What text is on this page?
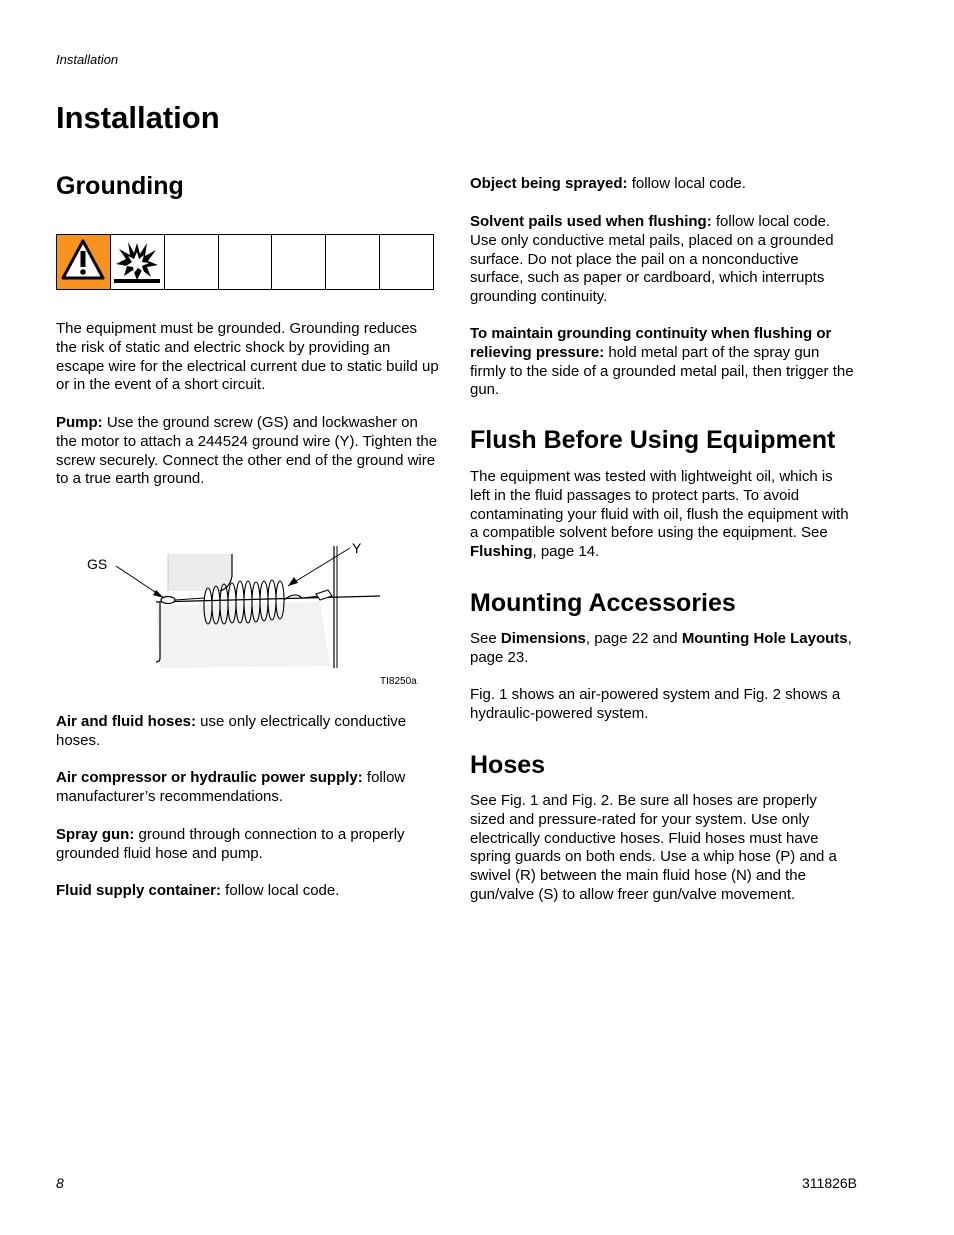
Installation
Installation
Grounding

The equipment must be grounded. Grounding reduces the risk of static and electric shock by providing an escape wire for the electrical current due to static build up or in the event of a short circuit.

Pump: Use the ground screw (GS) and lockwasher on the motor to attach a 244524 ground wire (Y). Tighten the screw securely. Connect the other end of the ground wire to a true earth ground.

GS
Y
TI8250a

Air and fluid hoses: use only electrically conductive hoses.

Air compressor or hydraulic power supply: follow manufacturer’s recommendations.

Spray gun: ground through connection to a properly grounded fluid hose and pump.

Fluid supply container: follow local code.

Object being sprayed: follow local code.

Solvent pails used when flushing: follow local code. Use only conductive metal pails, placed on a grounded surface. Do not place the pail on a nonconductive surface, such as paper or cardboard, which interrupts grounding continuity.

To maintain grounding continuity when flushing or relieving pressure: hold metal part of the spray gun firmly to the side of a grounded metal pail, then trigger the gun.

Flush Before Using Equipment

The equipment was tested with lightweight oil, which is left in the fluid passages to protect parts. To avoid contaminating your fluid with oil, flush the equipment with a compatible solvent before using the equipment. See Flushing, page 14.

Mounting Accessories

See Dimensions, page 22 and Mounting Hole Layouts, page 23.

Fig. 1 shows an air-powered system and Fig. 2 shows a hydraulic-powered system.

Hoses

See Fig. 1 and Fig. 2. Be sure all hoses are properly sized and pressure-rated for your system. Use only electrically conductive hoses. Fluid hoses must have spring guards on both ends. Use a whip hose (P) and a swivel (R) between the main fluid hose (N) and the gun/valve (S) to allow freer gun/valve movement.

8	311826B
